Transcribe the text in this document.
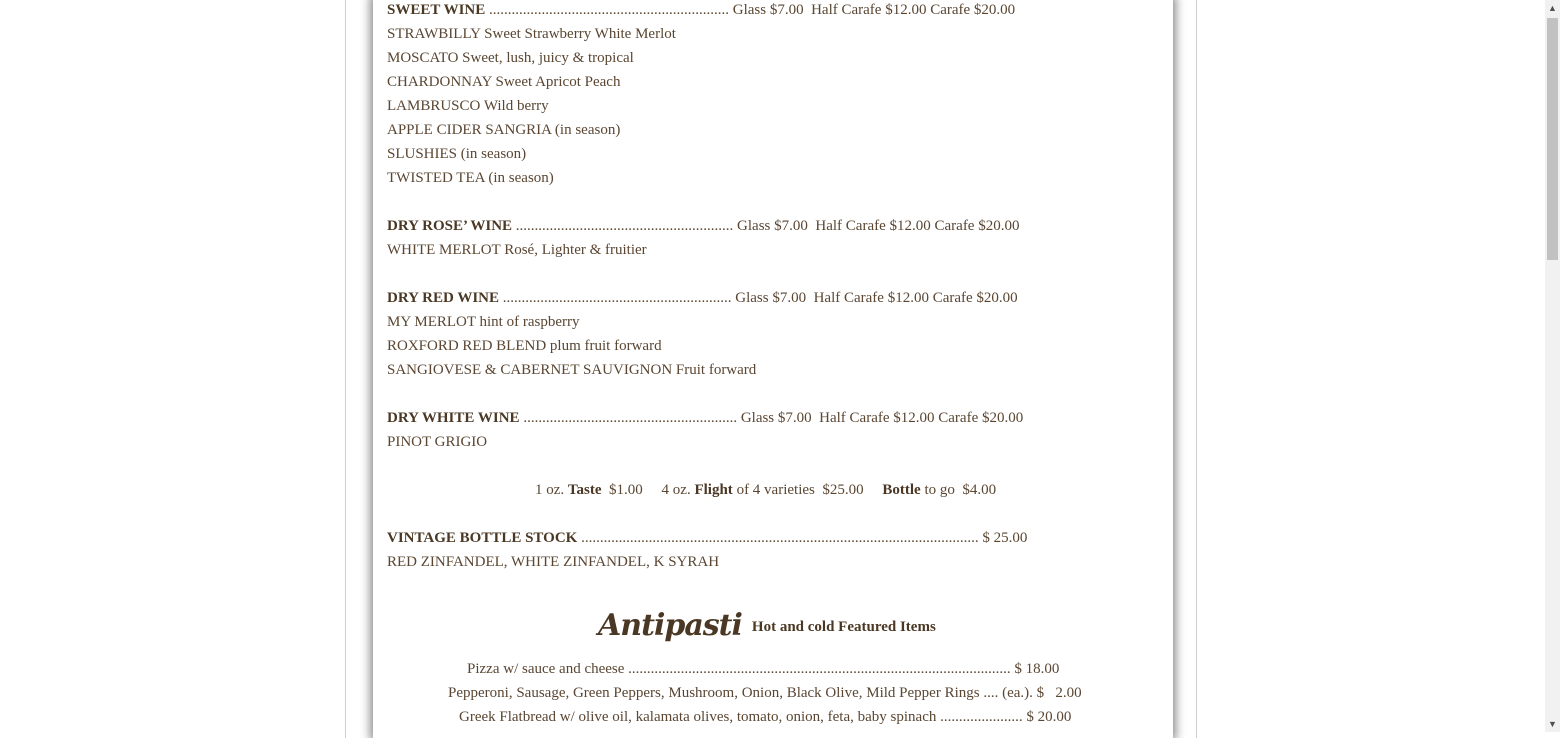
SWEET WINE ................................................................ Glass $7.00  Half Carafe $12.00 Carafe $20.00
STRAWBILLY Sweet Strawberry White Merlot
MOSCATO Sweet, lush, juicy & tropical
CHARDONNAY Sweet Apricot Peach
LAMBRUSCO Wild berry
APPLE CIDER SANGRIA (in season)
SLUSHIES (in season)
TWISTED TEA (in season)
DRY ROSE’ WINE .......................................................... Glass $7.00  Half Carafe $12.00 Carafe $20.00
WHITE MERLOT Rosé, Lighter & fruitier
DRY RED WINE ............................................................. Glass $7.00  Half Carafe $12.00 Carafe $20.00
MY MERLOT hint of raspberry
ROXFORD RED BLEND plum fruit forward
SANGIOVESE & CABERNET SAUVIGNON Fruit forward
DRY WHITE WINE ......................................................... Glass $7.00  Half Carafe $12.00 Carafe $20.00
PINOT GRIGIO
1 oz. Taste  $1.00 4 oz. Flight of 4 varieties  $25.00 Bottle to go  $4.00
VINTAGE BOTTLE STOCK .......................................................................................................... $ 25.00
RED ZINFANDEL, WHITE ZINFANDEL, K SYRAH
Antipasti Hot and cold Featured Items
Pizza w/ sauce and cheese ...................................................................................................... $ 18.00
Pepperoni, Sausage, Green Peppers, Mushroom, Onion, Black Olive, Mild Pepper Rings .... (ea.). $   2.00
Greek Flatbread w/ olive oil, kalamata olives, tomato, onion, feta, baby spinach ...................... $ 20.00
▲
▼
